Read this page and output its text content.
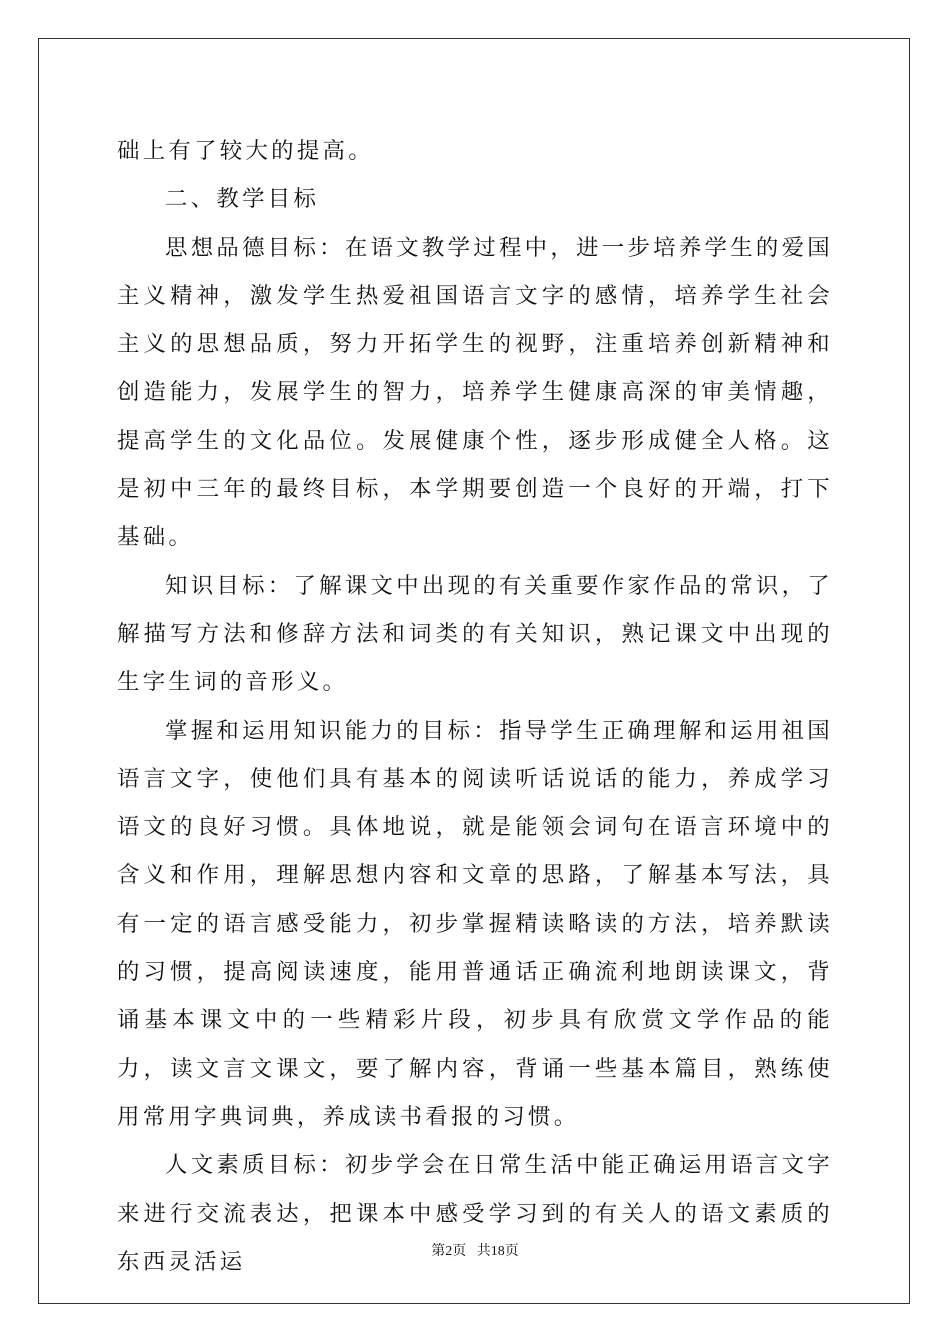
础上有了较大的提高。

二、教学目标

思想品德目标：在语文教学过程中，进一步培养学生的爱国主义精神，激发学生热爱祖国语言文字的感情，培养学生社会主义的思想品质，努力开拓学生的视野，注重培养创新精神和创造能力，发展学生的智力，培养学生健康高深的审美情趣，提高学生的文化品位。发展健康个性，逐步形成健全人格。这是初中三年的最终目标，本学期要创造一个良好的开端，打下基础。

知识目标：了解课文中出现的有关重要作家作品的常识，了解描写方法和修辞方法和词类的有关知识，熟记课文中出现的生字生词的音形义。

掌握和运用知识能力的目标：指导学生正确理解和运用祖国语言文字，使他们具有基本的阅读听话说话的能力，养成学习语文的良好习惯。具体地说，就是能领会词句在语言环境中的含义和作用，理解思想内容和文章的思路，了解基本写法，具有一定的语言感受能力，初步掌握精读略读的方法，培养默读的习惯，提高阅读速度，能用普通话正确流利地朗读课文，背诵基本课文中的一些精彩片段，初步具有欣赏文学作品的能力，读文言文课文，要了解内容，背诵一些基本篇目，熟练使用常用字典词典，养成读书看报的习惯。

人文素质目标：初步学会在日常生活中能正确运用语言文字来进行交流表达，把课本中感受学习到的有关人的语文素质的东西灵活运	第2页   共18页
